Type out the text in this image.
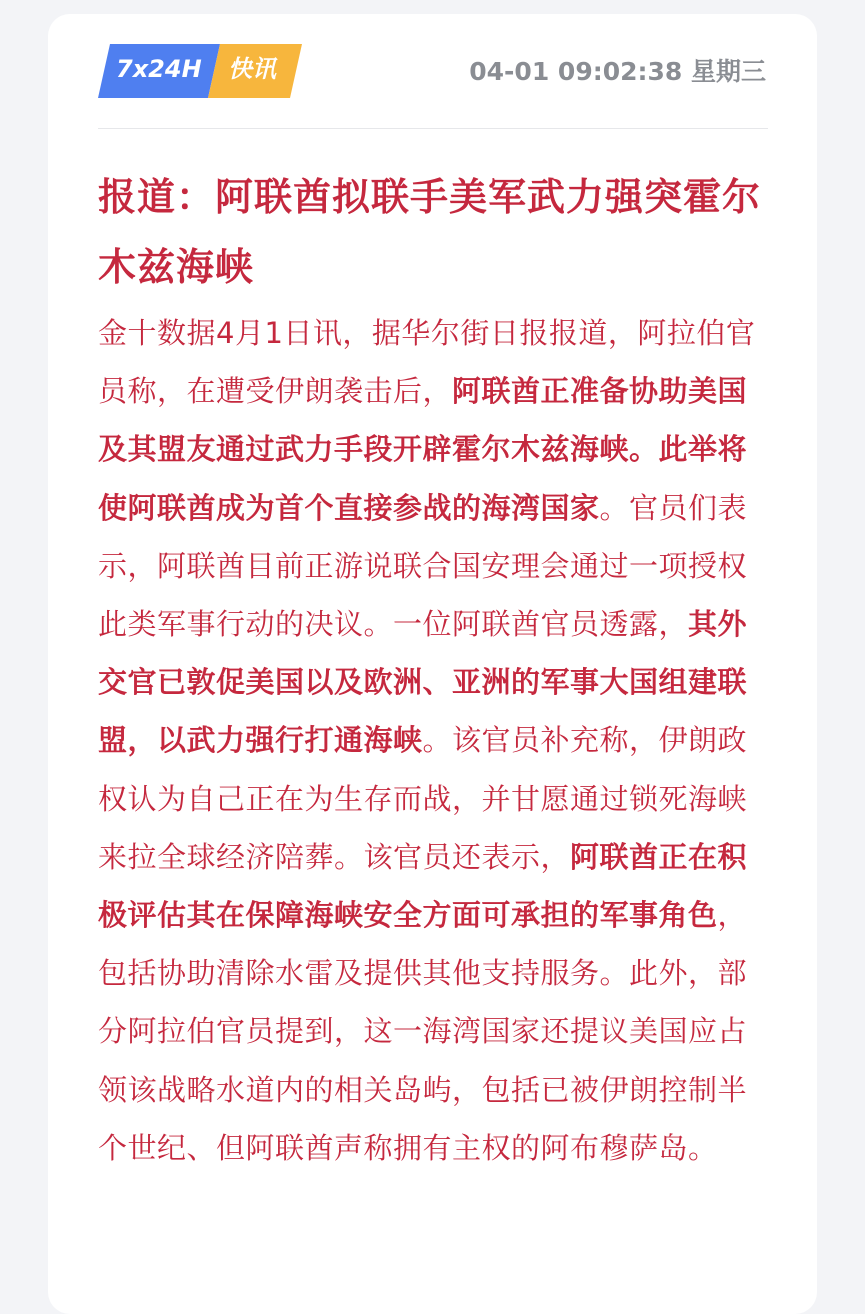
7x24H 快讯	04-01 09:02:38 星期三
报道：阿联酋拟联手美军武力强突霍尔木兹海峡

金十数据4月1日讯，据华尔街日报报道，阿拉伯官员称，在遭受伊朗袭击后，阿联酋正准备协助美国及其盟友通过武力手段开辟霍尔木兹海峡。此举将使阿联酋成为首个直接参战的海湾国家。官员们表示，阿联酋目前正游说联合国安理会通过一项授权此类军事行动的决议。一位阿联酋官员透露，其外交官已敦促美国以及欧洲、亚洲的军事大国组建联盟，以武力强行打通海峡。该官员补充称，伊朗政权认为自己正在为生存而战，并甘愿通过锁死海峡来拉全球经济陪葬。该官员还表示，阿联酋正在积极评估其在保障海峡安全方面可承担的军事角色，包括协助清除水雷及提供其他支持服务。此外，部分阿拉伯官员提到，这一海湾国家还提议美国应占领该战略水道内的相关岛屿，包括已被伊朗控制半个世纪、但阿联酋声称拥有主权的阿布穆萨岛。
